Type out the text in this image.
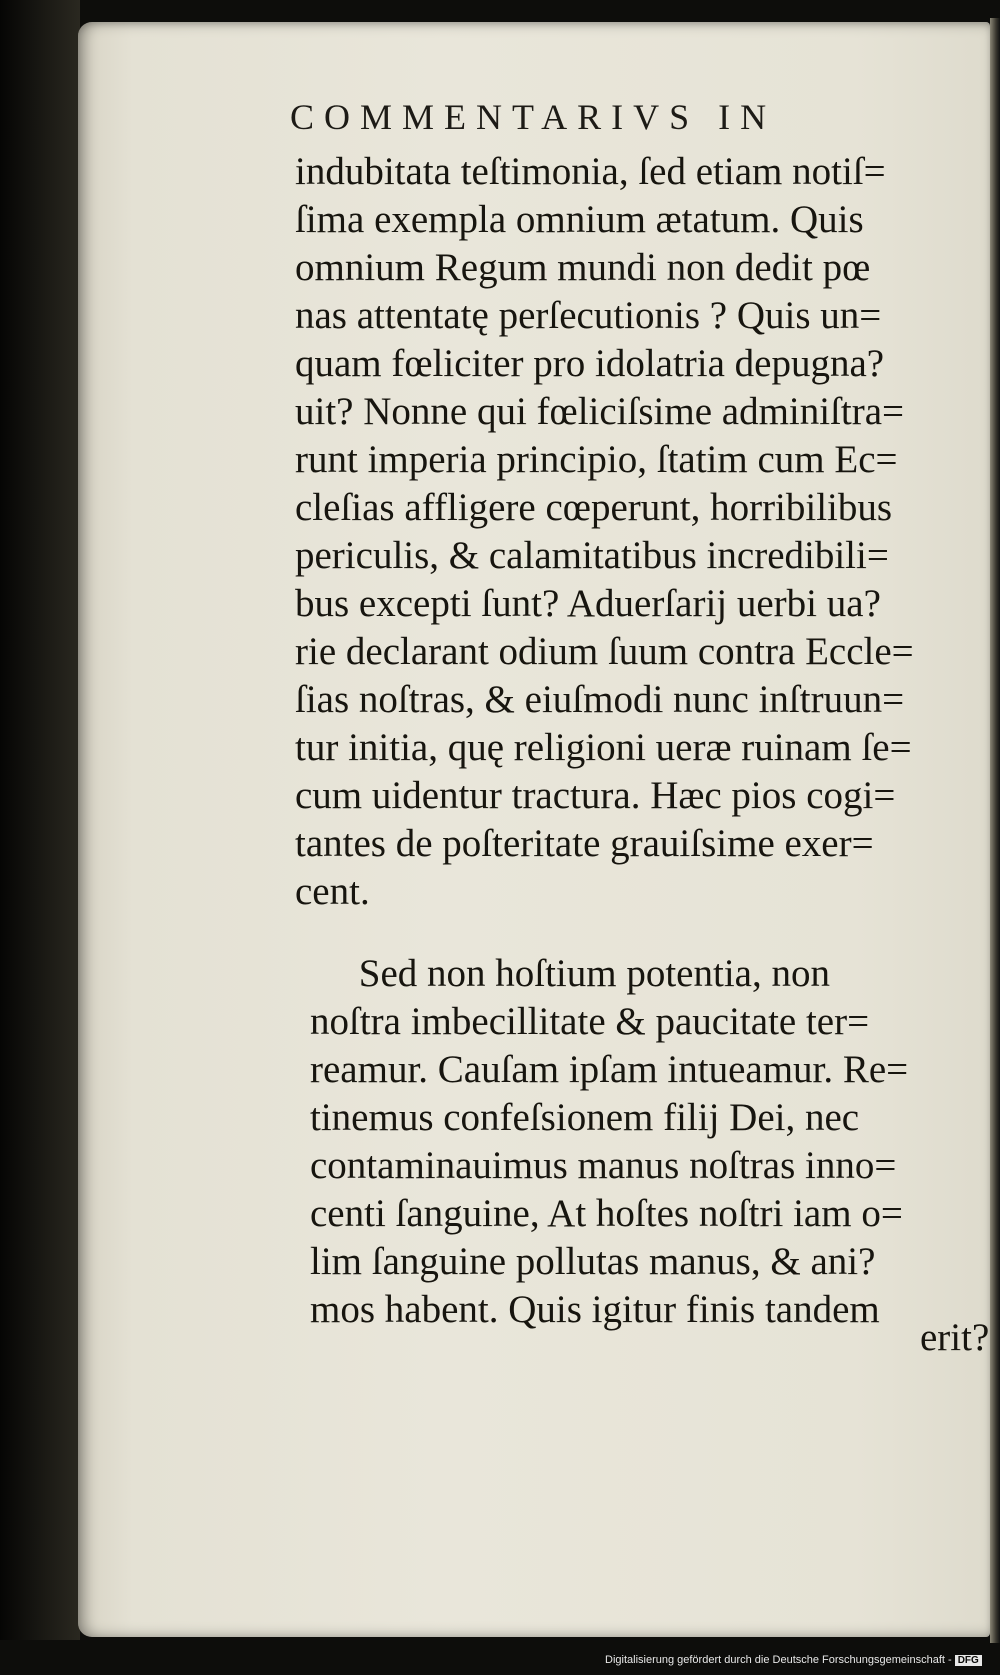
COMMENTARIVS IN
indubitata teſtimonia, ſed etiam notiſ=
ſima exempla omnium ætatum. Quis
omnium Regum mundi non dedit pœ
nas attentatę perſecutionis ? Quis un=
quam fœliciter pro idolatria depugna?
uit? Nonne qui fœliciſsime adminiſtra=
runt imperia principio, ſtatim cum Ec=
cleſias affligere cœperunt, horribilibus
periculis, & calamitatibus incredibili=
bus excepti ſunt? Aduerſarij uerbi ua?
rie declarant odium ſuum contra Eccle=
ſias noſtras, & eiuſmodi nunc inſtruun=
tur initia, quę religioni ueræ ruinam ſe=
cum uidentur tractura. Hæc pios cogi=
tantes de poſteritate grauiſsime exer=
cent.
Sed non hoſtium potentia, non
noſtra imbecillitate & paucitate ter=
reamur. Cauſam ipſam intueamur. Re=
tinemus confeſsionem filij Dei, nec
contaminauimus manus noſtras inno=
centi ſanguine, At hoſtes noſtri iam o=
lim ſanguine pollutas manus, & ani?
mos habent. Quis igitur finis tandem
erit?
Digitalisierung gefördert durch die Deutsche Forschungsgemeinschaft - DFG
